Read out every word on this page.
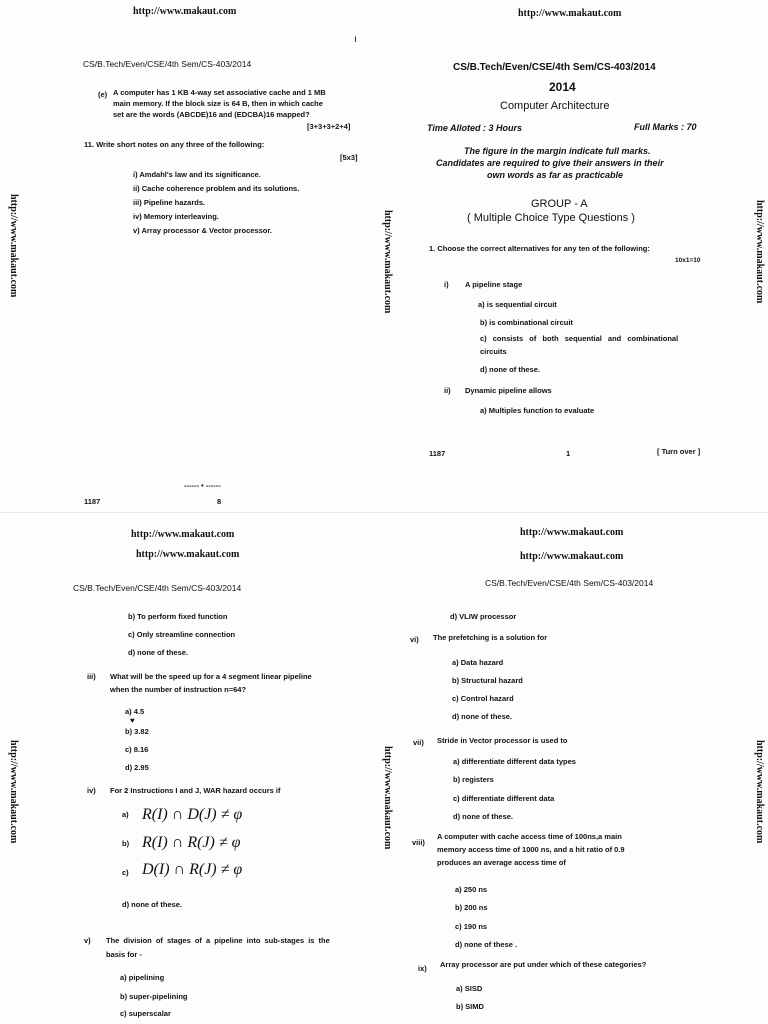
http://www.makaut.com
ı
CS/B.Tech/Even/CSE/4th Sem/CS-403/2014
(e) A computer has 1 KB 4-way set associative cache and 1 MB
main memory. If the block size is 64 B, then in which cache
set are the words (ABCDE)16 and (EDCBA)16 mapped?
[3+3+3+2+4]
11. Write short notes on any three of the following:
[5x3]
i) Amdahl's law and its significance.
ii) Cache coherence problem and its solutions.
iii) Pipeline hazards.
iv) Memory interleaving.
v) Array processor & Vector processor.
------ • ------
1187	8
http://www.makaut.com
CS/B.Tech/Even/CSE/4th Sem/CS-403/2014
2014
Computer Architecture
Time Alloted : 3 Hours	Full Marks : 70
The figure in the margin indicate full marks.
Candidates are required to give their answers in their
own words as far as practicable
GROUP - A
( Multiple Choice Type Questions )
1. Choose the correct alternatives for any ten of the following:
10x1=10
i) A pipeline stage
a) is sequential circuit
b) is combinational circuit
c) consists of both sequential and combinational
circuits
d) none of these.
ii) Dynamic pipeline allows
a) Multiples function to evaluate
1187	1	[ Turn over ]
http://www.makaut.com
http://www.makaut.com
CS/B.Tech/Even/CSE/4th Sem/CS-403/2014
b) To perform fixed function
c) Only streamline connection
d) none of these.
iii) What will be the speed up for a 4 segment linear pipeline
when the number of instruction n=64?
a) 4.5
♥
b) 3.82
c) 8.16
d) 2.95
iv) For 2 Instructions I and J, WAR hazard occurs if
a) R(I) ∩ D(J) ≠ φ
b) R(I) ∩ R(J) ≠ φ
c) D(I) ∩ R(J) ≠ φ
d) none of these.
v) The division of stages of a pipeline into sub-stages is the
basis for -
a) pipelining
b) super-pipelining
c) superscalar
http://www.makaut.com
http://www.makaut.com
CS/B.Tech/Even/CSE/4th Sem/CS-403/2014
d) VLIW processor
vi) The prefetching is a solution for
a) Data hazard
b) Structural hazard
c) Control hazard
d) none of these.
vii) Stride in Vector processor is used to
a) differentiate different data types
b) registers
c) differentiate different data
d) none of these.
viii)
A computer with cache access time of 100ns,a main
memory access time of 1000 ns, and a hit ratio of 0.9
produces an average access time of
a) 250 ns
b) 200 ns
c) 190 ns
d) none of these .
ix) Array processor are put under which of these categories?
a) SISD
b) SIMD
http://www.makaut.com	http://www.makaut.com	http://www.makaut.com
http://www.makaut.com	http://www.makaut.com	http://www.makaut.com
